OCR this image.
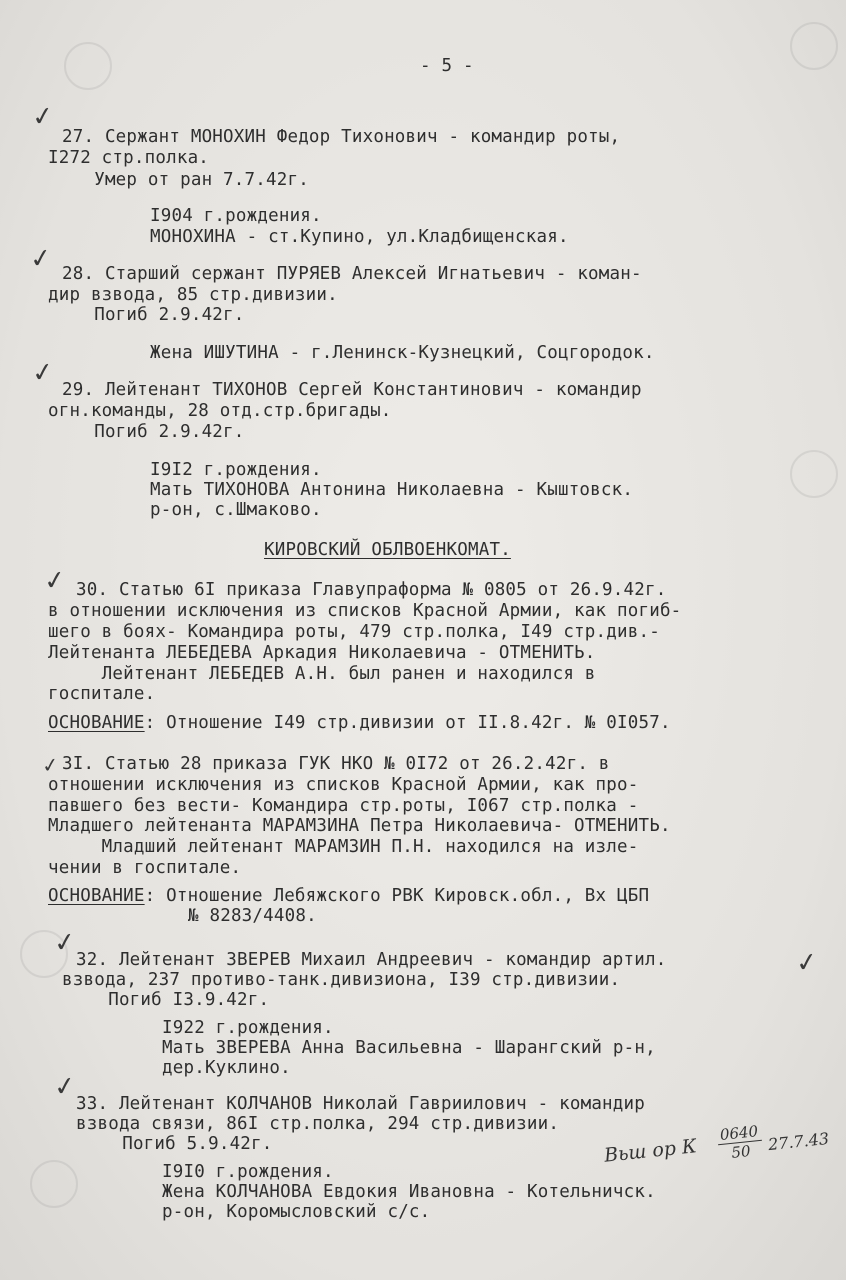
- 5 -
✓
27. Сержант МОНОХИН Федор Тихонович - командир роты,
I272 стр.полка.
Умер от ран 7.7.42г.
I904 г.рождения.
МОНОХИНА - ст.Купино, ул.Кладбищенская.
✓ 28. Старший сержант ПУРЯЕВ Алексей Игнатьевич - коман-
дир взвода, 85 стр.дивизии.
Погиб 2.9.42г.
Жена ИШУТИНА - г.Ленинск-Кузнецкий, Соцгородок.
✓
29. Лейтенант ТИХОНОВ Сергей Константинович - командир
огн.команды, 28 отд.стр.бригады.
Погиб 2.9.42г.
I9I2 г.рождения.
Мать ТИХОНОВА Антонина Николаевна - Кыштовск.
р-он, с.Шмаково.
КИРОВСКИЙ ОБЛВОЕНКОМАТ.
✓ 30. Статью 6I приказа Главупраформа № 0805 от 26.9.42г.
в отношении исключения из списков Красной Армии, как погиб-
шего в боях- Командира роты, 479 стр.полка, I49 стр.див.-
Лейтенанта ЛЕБЕДЕВА Аркадия Николаевича - ОТМЕНИТЬ.
Лейтенант ЛЕБЕДЕВ А.Н. был ранен и находился в
госпитале.
ОСНОВАНИЕ: Отношение I49 стр.дивизии от II.8.42г. № 0I057.
✓ 3I. Статью 28 приказа ГУК НКО № 0I72 от 26.2.42г. в
отношении исключения из списков Красной Армии, как про-
павшего без вести- Командира стр.роты, I067 стр.полка -
Младшего лейтенанта МАРАМЗИНА Петра Николаевича- ОТМЕНИТЬ.
Младший лейтенант МАРАМЗИН П.Н. находился на изле-
чении в госпитале.
ОСНОВАНИЕ: Отношение Лебяжского РВК Кировск.обл., Вх ЦБП
№ 8283/4408.
✓
✓
32. Лейтенант ЗВЕРЕВ Михаил Андреевич - командир артил.
взвода, 237 противо-танк.дивизиона, I39 стр.дивизии.
Погиб I3.9.42г.
I922 г.рождения.
Мать ЗВЕРЕВА Анна Васильевна - Шарангский р-н,
дер.Куклино.
✓
33. Лейтенант КОЛЧАНОВ Николай Гавриилович - командир
взвода связи, 86I стр.полка, 294 стр.дивизии.
Погиб 5.9.42г.
I9I0 г.рождения.
Жена КОЛЧАНОВА Евдокия Ивановна - Котельничск.
р-он, Коромысловский с/с.
Вьш ор К
0640
50 27.7.43
